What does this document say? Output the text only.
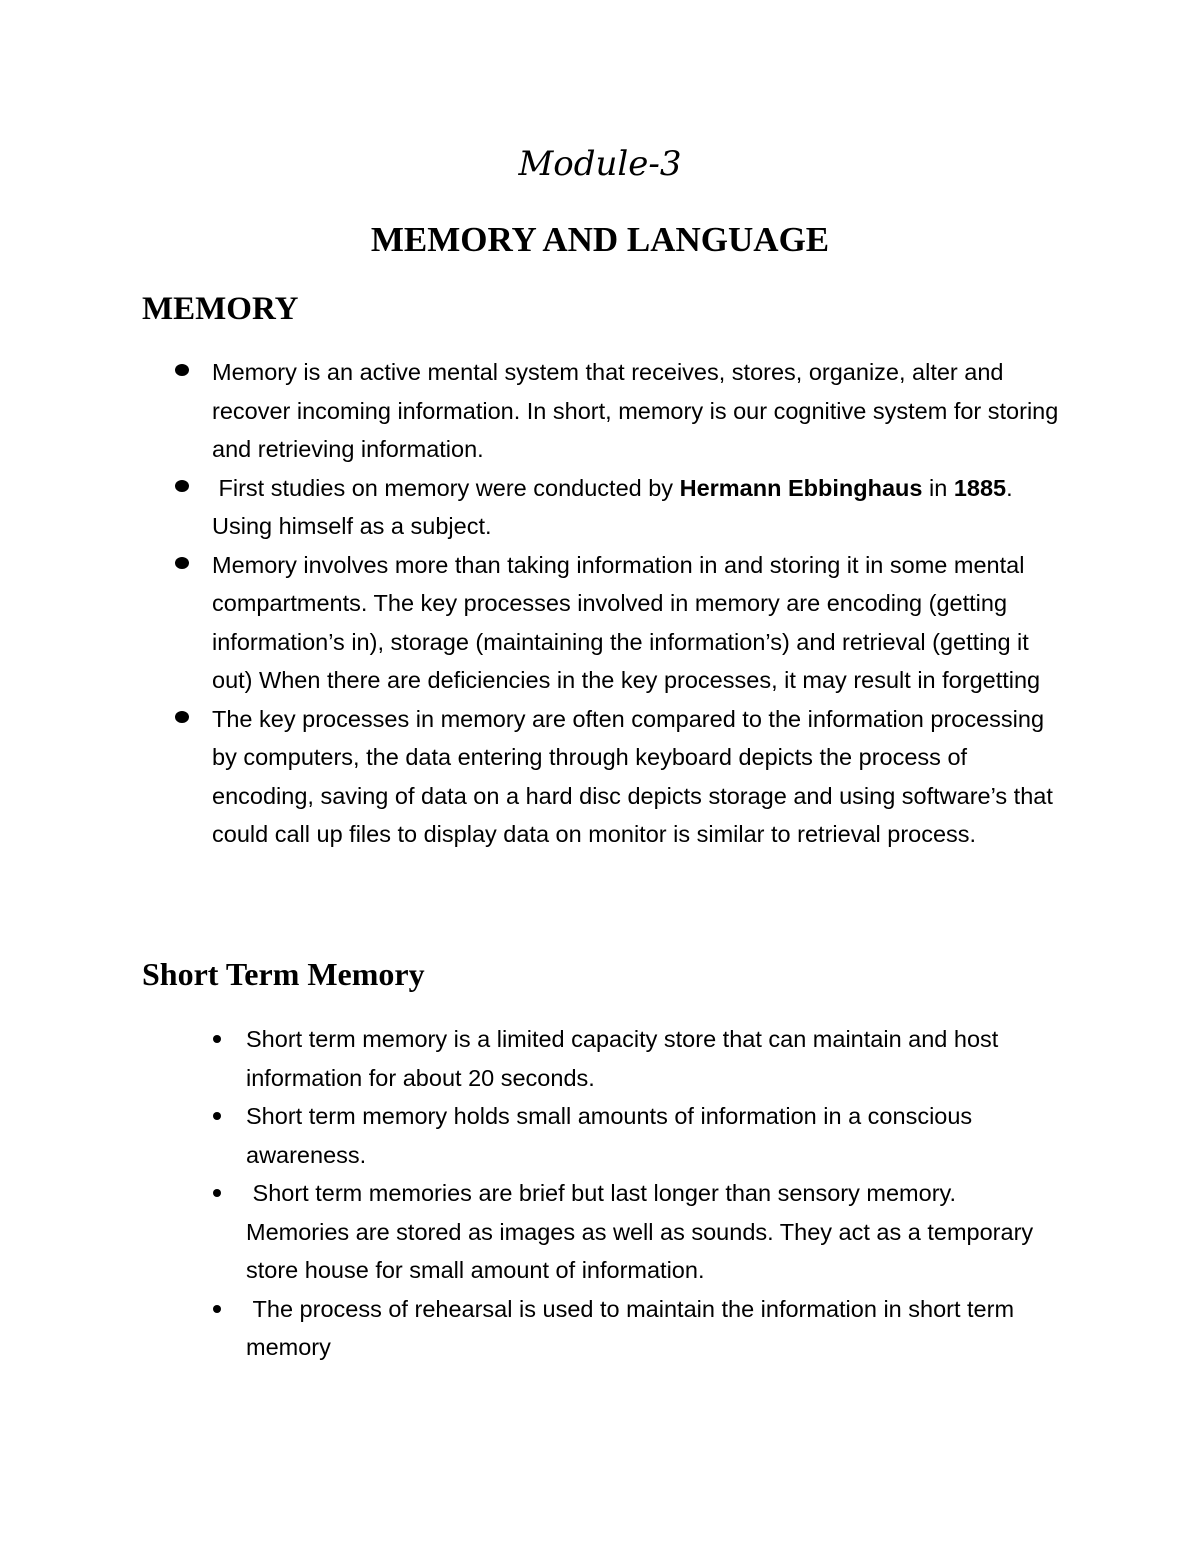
Module-3
MEMORY AND LANGUAGE
MEMORY
Memory is an active mental system that receives, stores, organize, alter and recover incoming information. In short, memory is our cognitive system for storing and retrieving information.
First studies on memory were conducted by Hermann Ebbinghaus in 1885. Using himself as a subject.
Memory involves more than taking information in and storing it in some mental compartments. The key processes involved in memory are encoding (getting information’s in), storage (maintaining the information’s) and retrieval (getting it out) When there are deficiencies in the key processes, it may result in forgetting
The key processes in memory are often compared to the information processing by computers, the data entering through keyboard depicts the process of encoding, saving of data on a hard disc depicts storage and using software’s that could call up files to display data on monitor is similar to retrieval process.
Short Term Memory
Short term memory is a limited capacity store that can maintain and host information for about 20 seconds.
Short term memory holds small amounts of information in a conscious awareness.
Short term memories are brief but last longer than sensory memory. Memories are stored as images as well as sounds. They act as a temporary store house for small amount of information.
The process of rehearsal is used to maintain the information in short term memory
